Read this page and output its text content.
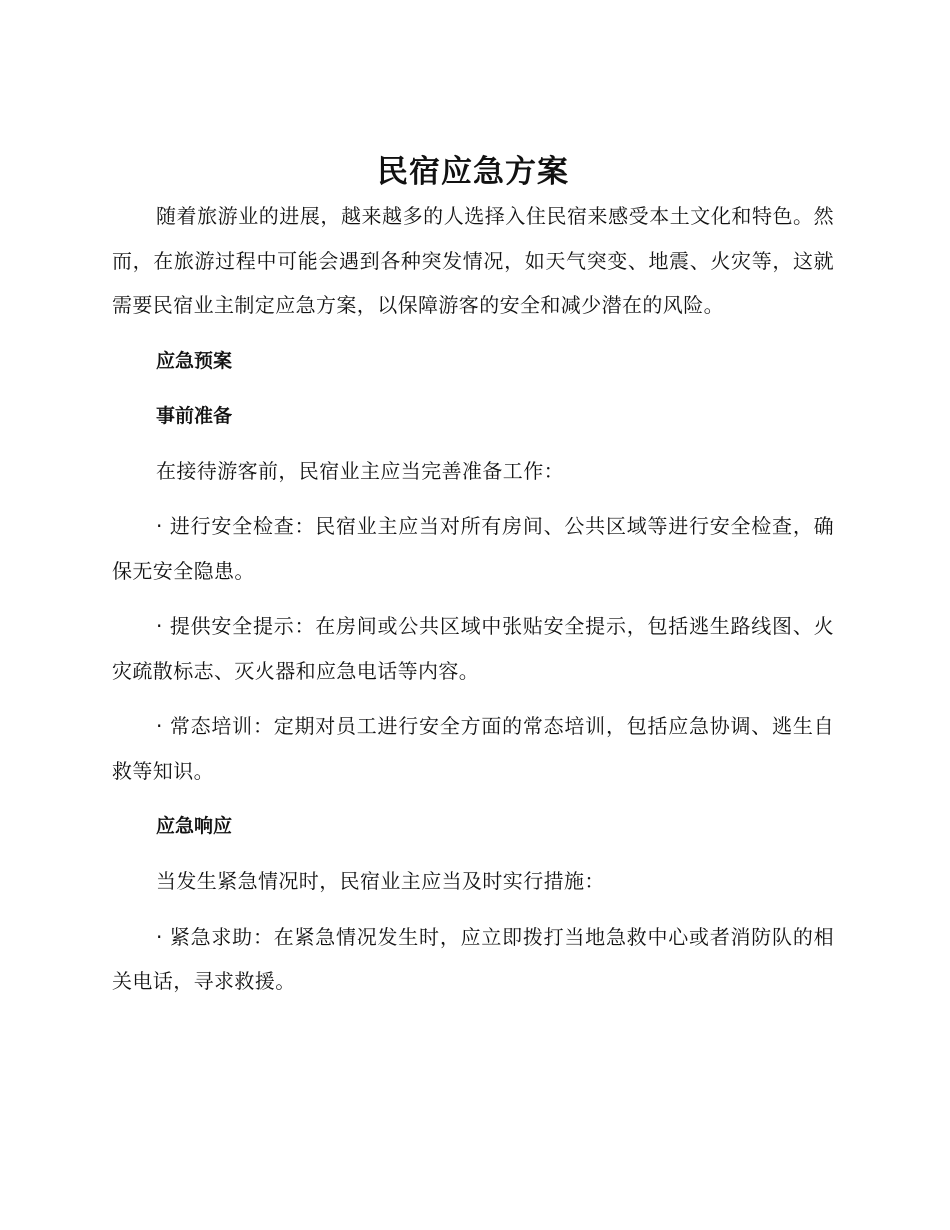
民宿应急方案

随着旅游业的进展，越来越多的人选择入住民宿来感受本土文化和特色。然而，在旅游过程中可能会遇到各种突发情况，如天气突变、地震、火灾等，这就需要民宿业主制定应急方案，以保障游客的安全和减少潜在的风险。

应急预案
事前准备

在接待游客前，民宿业主应当完善准备工作：

· 进行安全检查：民宿业主应当对所有房间、公共区域等进行安全检查，确保无安全隐患。

· 提供安全提示：在房间或公共区域中张贴安全提示，包括逃生路线图、火灾疏散标志、灭火器和应急电话等内容。

· 常态培训：定期对员工进行安全方面的常态培训，包括应急协调、逃生自救等知识。

应急响应

当发生紧急情况时，民宿业主应当及时实行措施：

· 紧急求助：在紧急情况发生时，应立即拨打当地急救中心或者消防队的相关电话，寻求救援。
